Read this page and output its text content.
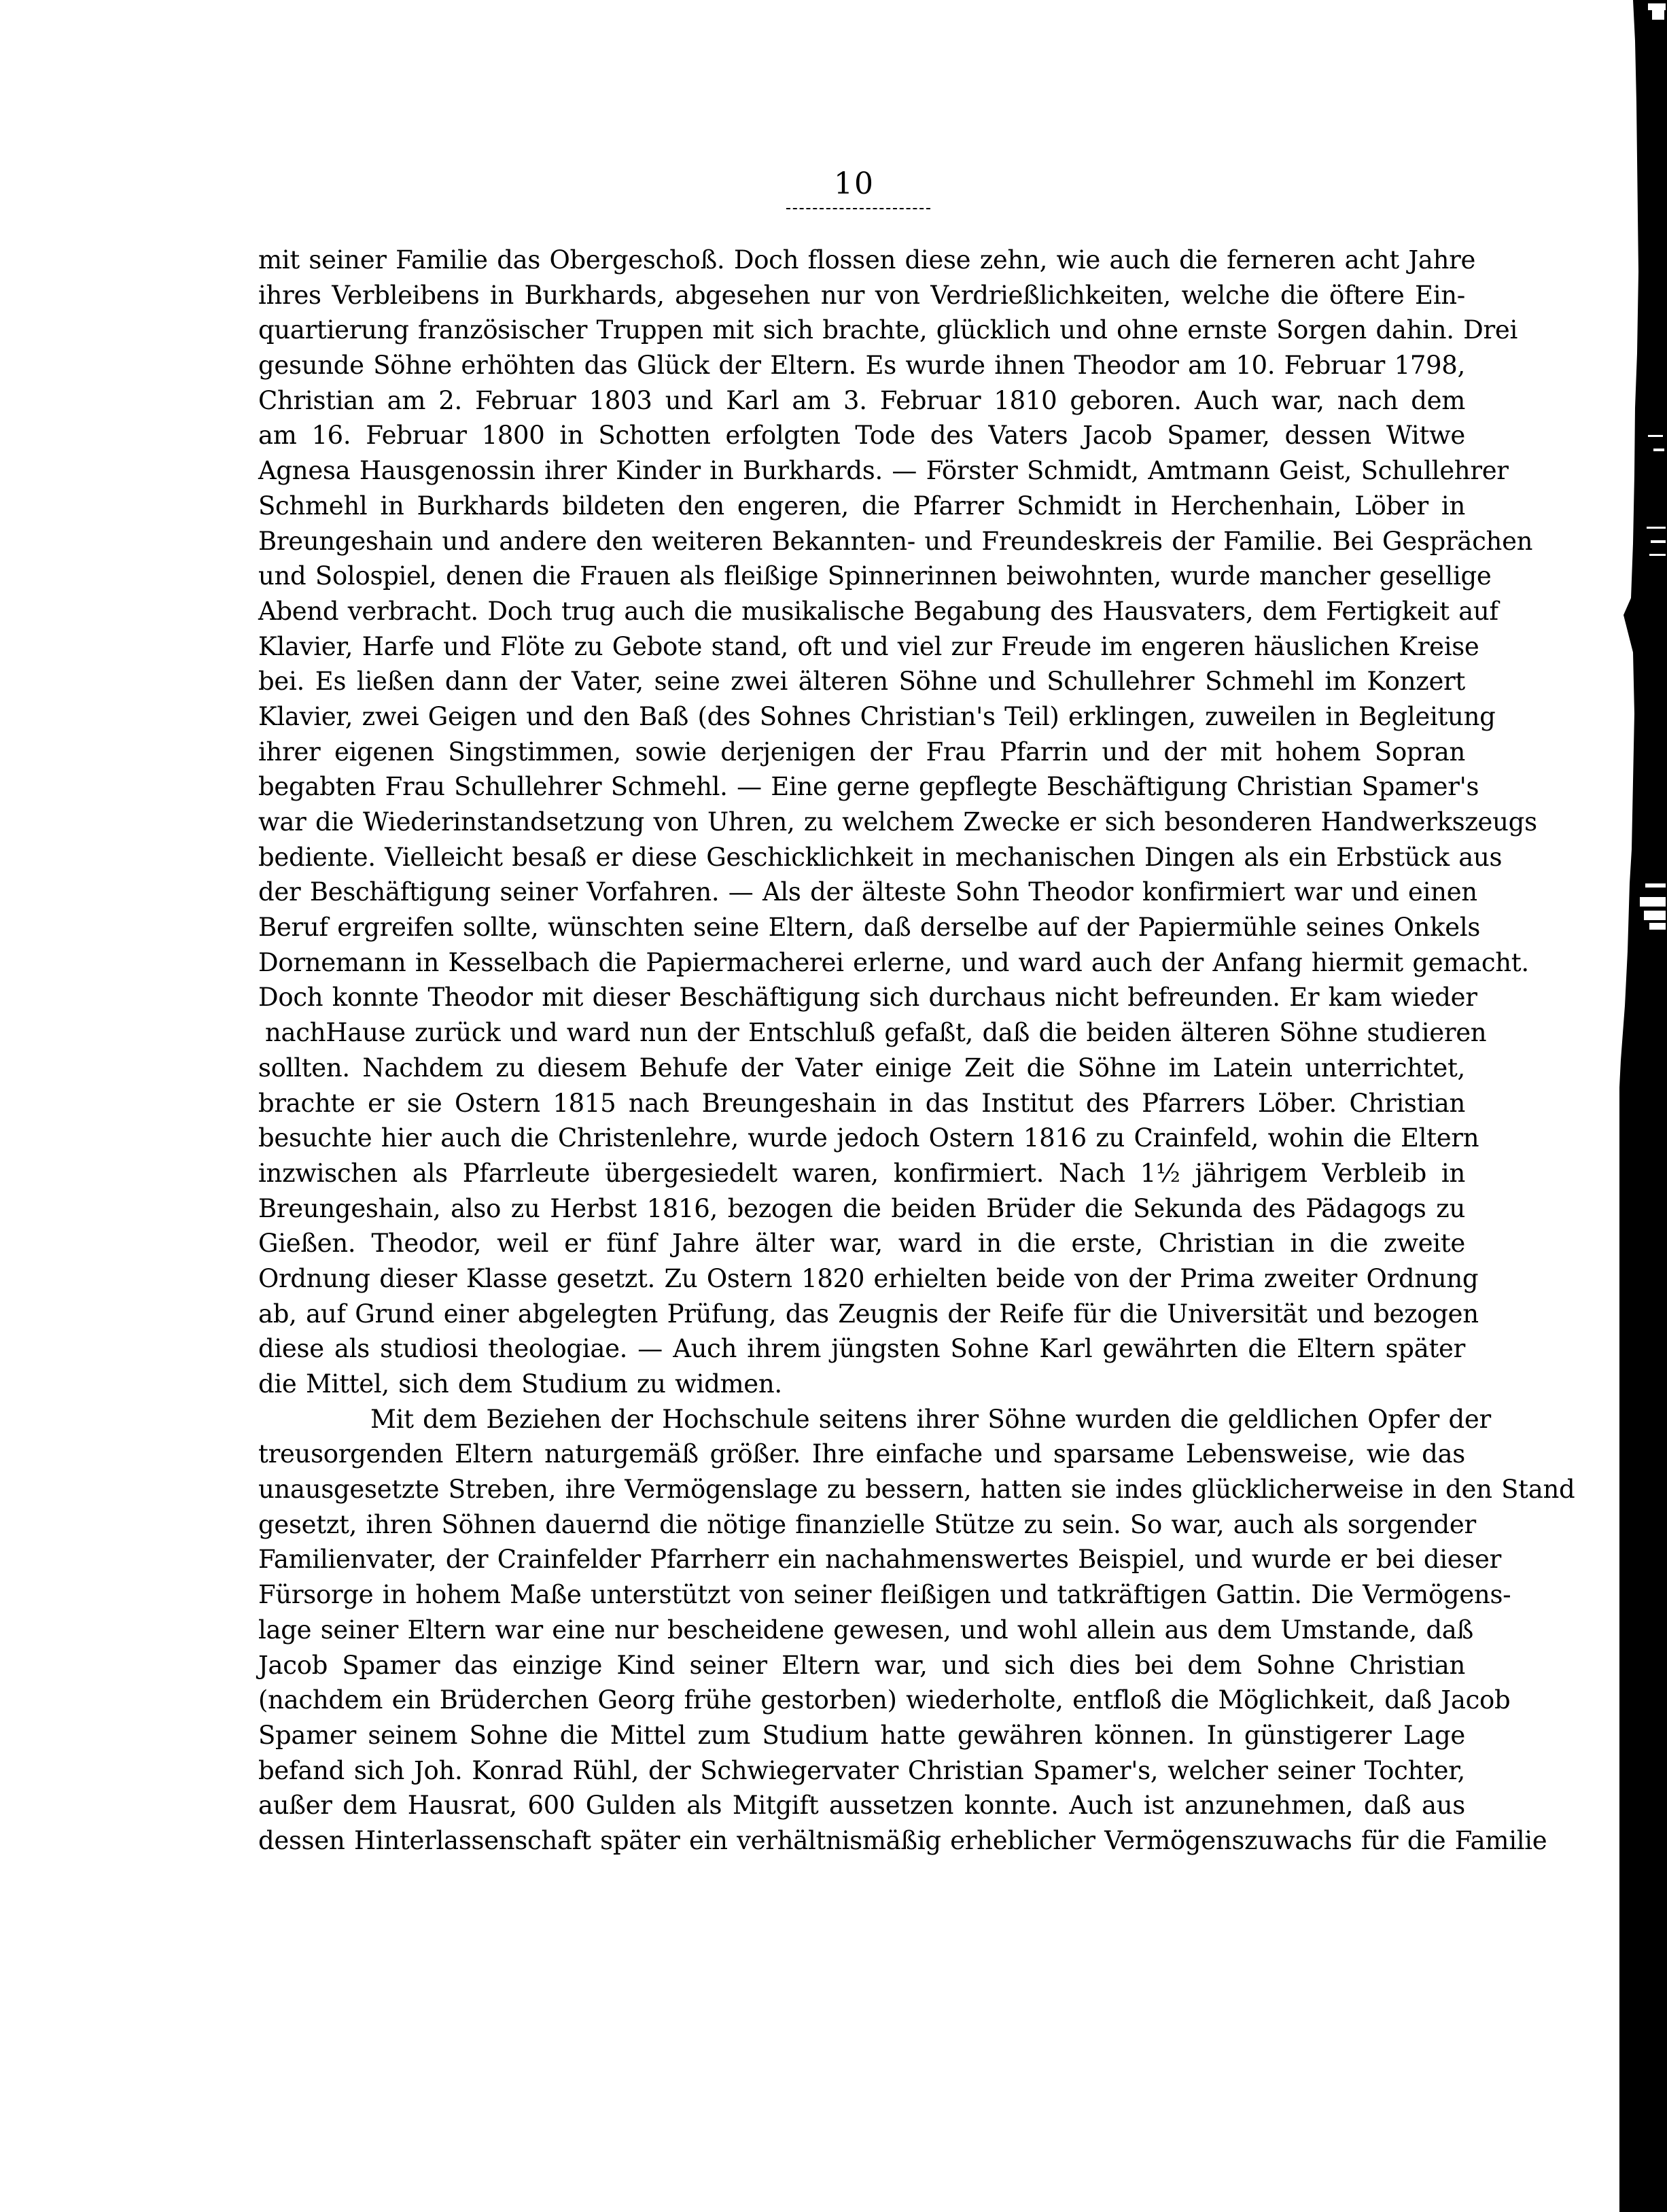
10
mit seiner Familie das Obergeschoß. Doch flossen diese zehn, wie auch die ferneren acht Jahre
ihres Verbleibens in Burkhards, abgesehen nur von Verdrießlichkeiten, welche die öftere Ein-
quartierung französischer Truppen mit sich brachte, glücklich und ohne ernste Sorgen dahin. Drei
gesunde Söhne erhöhten das Glück der Eltern. Es wurde ihnen Theodor am 10. Februar 1798,
Christian am 2. Februar 1803 und Karl am 3. Februar 1810 geboren. Auch war, nach dem
am 16. Februar 1800 in Schotten erfolgten Tode des Vaters Jacob Spamer, dessen Witwe
Agnesa Hausgenossin ihrer Kinder in Burkhards. — Förster Schmidt, Amtmann Geist, Schullehrer
Schmehl in Burkhards bildeten den engeren, die Pfarrer Schmidt in Herchenhain, Löber in
Breungeshain und andere den weiteren Bekannten- und Freundeskreis der Familie. Bei Gesprächen
und Solospiel, denen die Frauen als fleißige Spinnerinnen beiwohnten, wurde mancher gesellige
Abend verbracht. Doch trug auch die musikalische Begabung des Hausvaters, dem Fertigkeit auf
Klavier, Harfe und Flöte zu Gebote stand, oft und viel zur Freude im engeren häuslichen Kreise
bei. Es ließen dann der Vater, seine zwei älteren Söhne und Schullehrer Schmehl im Konzert
Klavier, zwei Geigen und den Baß (des Sohnes Christian's Teil) erklingen, zuweilen in Begleitung
ihrer eigenen Singstimmen, sowie derjenigen der Frau Pfarrin und der mit hohem Sopran
begabten Frau Schullehrer Schmehl. — Eine gerne gepflegte Beschäftigung Christian Spamer's
war die Wiederinstandsetzung von Uhren, zu welchem Zwecke er sich besonderen Handwerkszeugs
bediente. Vielleicht besaß er diese Geschicklichkeit in mechanischen Dingen als ein Erbstück aus
der Beschäftigung seiner Vorfahren. — Als der älteste Sohn Theodor konfirmiert war und einen
Beruf ergreifen sollte, wünschten seine Eltern, daß derselbe auf der Papiermühle seines Onkels
Dornemann in Kesselbach die Papiermacherei erlerne, und ward auch der Anfang hiermit gemacht.
Doch konnte Theodor mit dieser Beschäftigung sich durchaus nicht befreunden. Er kam wieder
nachHause zurück und ward nun der Entschluß gefaßt, daß die beiden älteren Söhne studieren
sollten. Nachdem zu diesem Behufe der Vater einige Zeit die Söhne im Latein unterrichtet,
brachte er sie Ostern 1815 nach Breungeshain in das Institut des Pfarrers Löber. Christian
besuchte hier auch die Christenlehre, wurde jedoch Ostern 1816 zu Crainfeld, wohin die Eltern
inzwischen als Pfarrleute übergesiedelt waren, konfirmiert. Nach 1½ jährigem Verbleib in
Breungeshain, also zu Herbst 1816, bezogen die beiden Brüder die Sekunda des Pädagogs zu
Gießen. Theodor, weil er fünf Jahre älter war, ward in die erste, Christian in die zweite
Ordnung dieser Klasse gesetzt. Zu Ostern 1820 erhielten beide von der Prima zweiter Ordnung
ab, auf Grund einer abgelegten Prüfung, das Zeugnis der Reife für die Universität und bezogen
diese als studiosi theologiae. — Auch ihrem jüngsten Sohne Karl gewährten die Eltern später
die Mittel, sich dem Studium zu widmen.
Mit dem Beziehen der Hochschule seitens ihrer Söhne wurden die geldlichen Opfer der
treusorgenden Eltern naturgemäß größer. Ihre einfache und sparsame Lebensweise, wie das
unausgesetzte Streben, ihre Vermögenslage zu bessern, hatten sie indes glücklicherweise in den Stand
gesetzt, ihren Söhnen dauernd die nötige finanzielle Stütze zu sein. So war, auch als sorgender
Familienvater, der Crainfelder Pfarrherr ein nachahmenswertes Beispiel, und wurde er bei dieser
Fürsorge in hohem Maße unterstützt von seiner fleißigen und tatkräftigen Gattin. Die Vermögens-
lage seiner Eltern war eine nur bescheidene gewesen, und wohl allein aus dem Umstande, daß
Jacob Spamer das einzige Kind seiner Eltern war, und sich dies bei dem Sohne Christian
(nachdem ein Brüderchen Georg frühe gestorben) wiederholte, entfloß die Möglichkeit, daß Jacob
Spamer seinem Sohne die Mittel zum Studium hatte gewähren können. In günstigerer Lage
befand sich Joh. Konrad Rühl, der Schwiegervater Christian Spamer's, welcher seiner Tochter,
außer dem Hausrat, 600 Gulden als Mitgift aussetzen konnte. Auch ist anzunehmen, daß aus
dessen Hinterlassenschaft später ein verhältnismäßig erheblicher Vermögenszuwachs für die Familie
